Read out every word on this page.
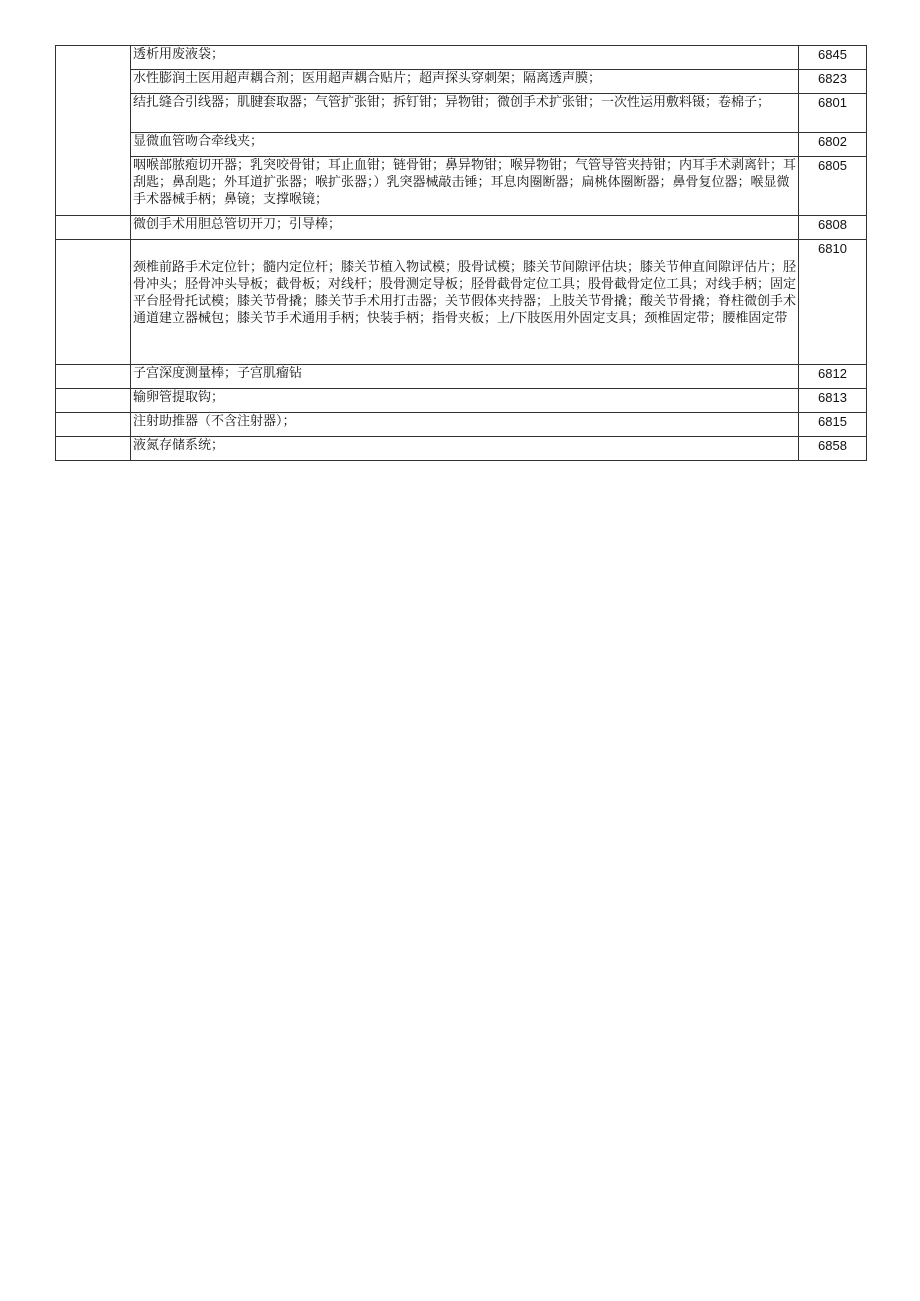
	透析用废液袋；	6845
	水性膨润土医用超声耦合剂；医用超声耦合贴片；超声探头穿刺架；隔离透声膜；	6823
	结扎缝合引线器；肌腱套取器；气管扩张钳；拆钉钳；异物钳；微创手术扩张钳；一次性运用敷料镊；卷棉子；	6801
	显微血管吻合牵线夹；	6802
	咽喉部脓疱切开器；乳突咬骨钳；耳止血钳；链骨钳；鼻异物钳；喉异物钳；气管导管夹持钳；内耳手术剥离针；耳刮匙；鼻刮匙；外耳道扩张器；喉扩张器；）乳突器械敲击锤；耳息肉圈断器；扁桃体圈断器；鼻骨复位器；喉显微手术器械手柄；鼻镜；支撑喉镜；	6805
	微创手术用胆总管切开刀；引导棒；	6808
	颈椎前路手术定位针；髓内定位杆；膝关节植入物试模；股骨试模；膝关节间隙评估块；膝关节伸直间隙评估片；胫骨冲头；胫骨冲头导板；截骨板；对线杆；股骨测定导板；胫骨截骨定位工具；股骨截骨定位工具；对线手柄；固定平台胫骨托试模；膝关节骨撬；膝关节手术用打击器；关节假体夹持器；上肢关节骨撬；酸关节骨撬；脊柱微创手术通道建立器械包；膝关节手术通用手柄；快装手柄；指骨夹板；上/下肢医用外固定支具；颈椎固定带；腰椎固定带	6810
	子宫深度测量棒；子宫肌瘤钻	6812
	输卵管提取钩；	6813
	注射助推器（不含注射器）；	6815
	液氮存储系统；	6858
